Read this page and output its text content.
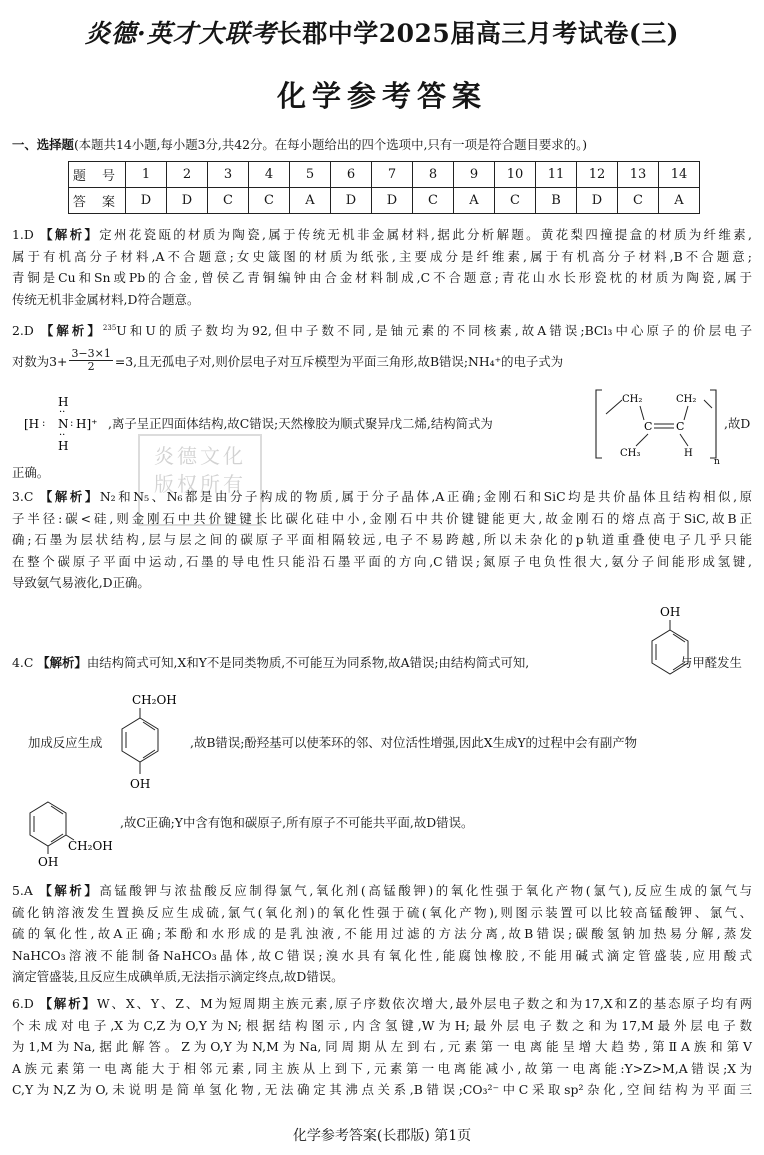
炎德·英才大联考长郡中学2025届高三月考试卷(三)
化学参考答案
一、选择题(本题共14小题,每小题3分,共42分。在每小题给出的四个选项中,只有一项是符合题目要求的。)
题 号	1	2	3	4	5	6	7	8	9	10	11	12	13	14
答 案	D	D	C	C	A	D	D	C	A	C	B	D	C	A
1.D 【解析】定州花瓷瓯的材质为陶瓷,属于传统无机非金属材料,据此分析解题。黄花梨四撞提盒的材质为纤维素,
属于有机高分子材料,A不合题意;女史箴图的材质为纸张,主要成分是纤维素,属于有机高分子材料,B不合题意;
青铜是Cu和Sn或Pb的合金,曾侯乙青铜编钟由合金材料制成,C不合题意;青花山水长形瓷枕的材质为陶瓷,属于
传统无机非金属材料,D符合题意。
2.D 【解析】$^{235}$U和U的质子数均为92,但中子数不同,是铀元素的不同核素,故A错误;BCl₃中心原子的价层电子
对数为$3+ \frac{3-3\times 1}{2} =3$,且无孤电子对,则价层电子对互斥模型为平面三角形,故B错误;NH₄⁺的电子式为
H
··
[H : N : H]⁺
··
H
,离子呈正四面体结构,故C错误;天然橡胶为顺式聚异戊二烯,结构简式为
CH₂	CH₂
C C
CH₃	H
n
,故D
正确。
炎德文化
版权所有
3.C 【解析】N₂和N₅、N₆都是由分子构成的物质,属于分子晶体,A正确;金刚石和SiC均是共价晶体且结构相似,原
子半径:碳<硅,则金刚石中共价键键长比碳化硅中小,金刚石中共价键键能更大,故金刚石的熔点高于SiC,故B正
确;石墨为层状结构,层与层之间的碳原子平面相隔较远,电子不易跨越,所以未杂化的p轨道重叠使电子几乎只能
在整个碳原子平面中运动,石墨的导电性只能沿石墨平面的方向,C错误;氮原子电负性很大,氨分子间能形成氢键,
导致氨气易液化,D正确。
OH
4.C 【解析】由结构简式可知,X和Y不是同类物质,不可能互为同系物,故A错误;由结构简式可知,	与甲醛发生
CH₂OH
OH
加成反应生成	,故B错误;酚羟基可以使苯环的邻、对位活性增强,因此X生成Y的过程中会有副产物
OH
CH₂OH
,故C正确;Y中含有饱和碳原子,所有原子不可能共平面,故D错误。
5.A 【解析】高锰酸钾与浓盐酸反应制得氯气,氧化剂(高锰酸钾)的氧化性强于氧化产物(氯气),反应生成的氯气与
硫化钠溶液发生置换反应生成硫,氯气(氧化剂)的氧化性强于硫(氧化产物),则图示装置可以比较高锰酸钾、氯气、
硫的氧化性,故A正确;苯酚和水形成的是乳浊液,不能用过滤的方法分离,故B错误;碳酸氢钠加热易分解,蒸发
NaHCO₃溶液不能制备NaHCO₃晶体,故C错误;溴水具有氧化性,能腐蚀橡胶,不能用碱式滴定管盛装,应用酸式
滴定管盛装,且反应生成碘单质,无法指示滴定终点,故D错误。
6.D 【解析】W、X、Y、Z、M为短周期主族元素,原子序数依次增大,最外层电子数之和为17,X和Z的基态原子均有两
个未成对电子,X为C,Z为O,Y为N;根据结构图示,内含氢键,W为H;最外层电子数之和为17,M最外层电子数
为1,M为Na,据此解答。Z为O,Y为N,M为Na,同周期从左到右,元素第一电离能呈增大趋势,第ⅡA族和第Ⅴ
A族元素第一电离能大于相邻元素,同主族从上到下,元素第一电离能减小,故第一电离能:Y>Z>M,A错误;X为
C,Y为N,Z为O,未说明是简单氢化物,无法确定其沸点关系,B错误;CO₃²⁻中C采取sp²杂化,空间结构为平面三
化学参考答案(长郡版) 第1页
